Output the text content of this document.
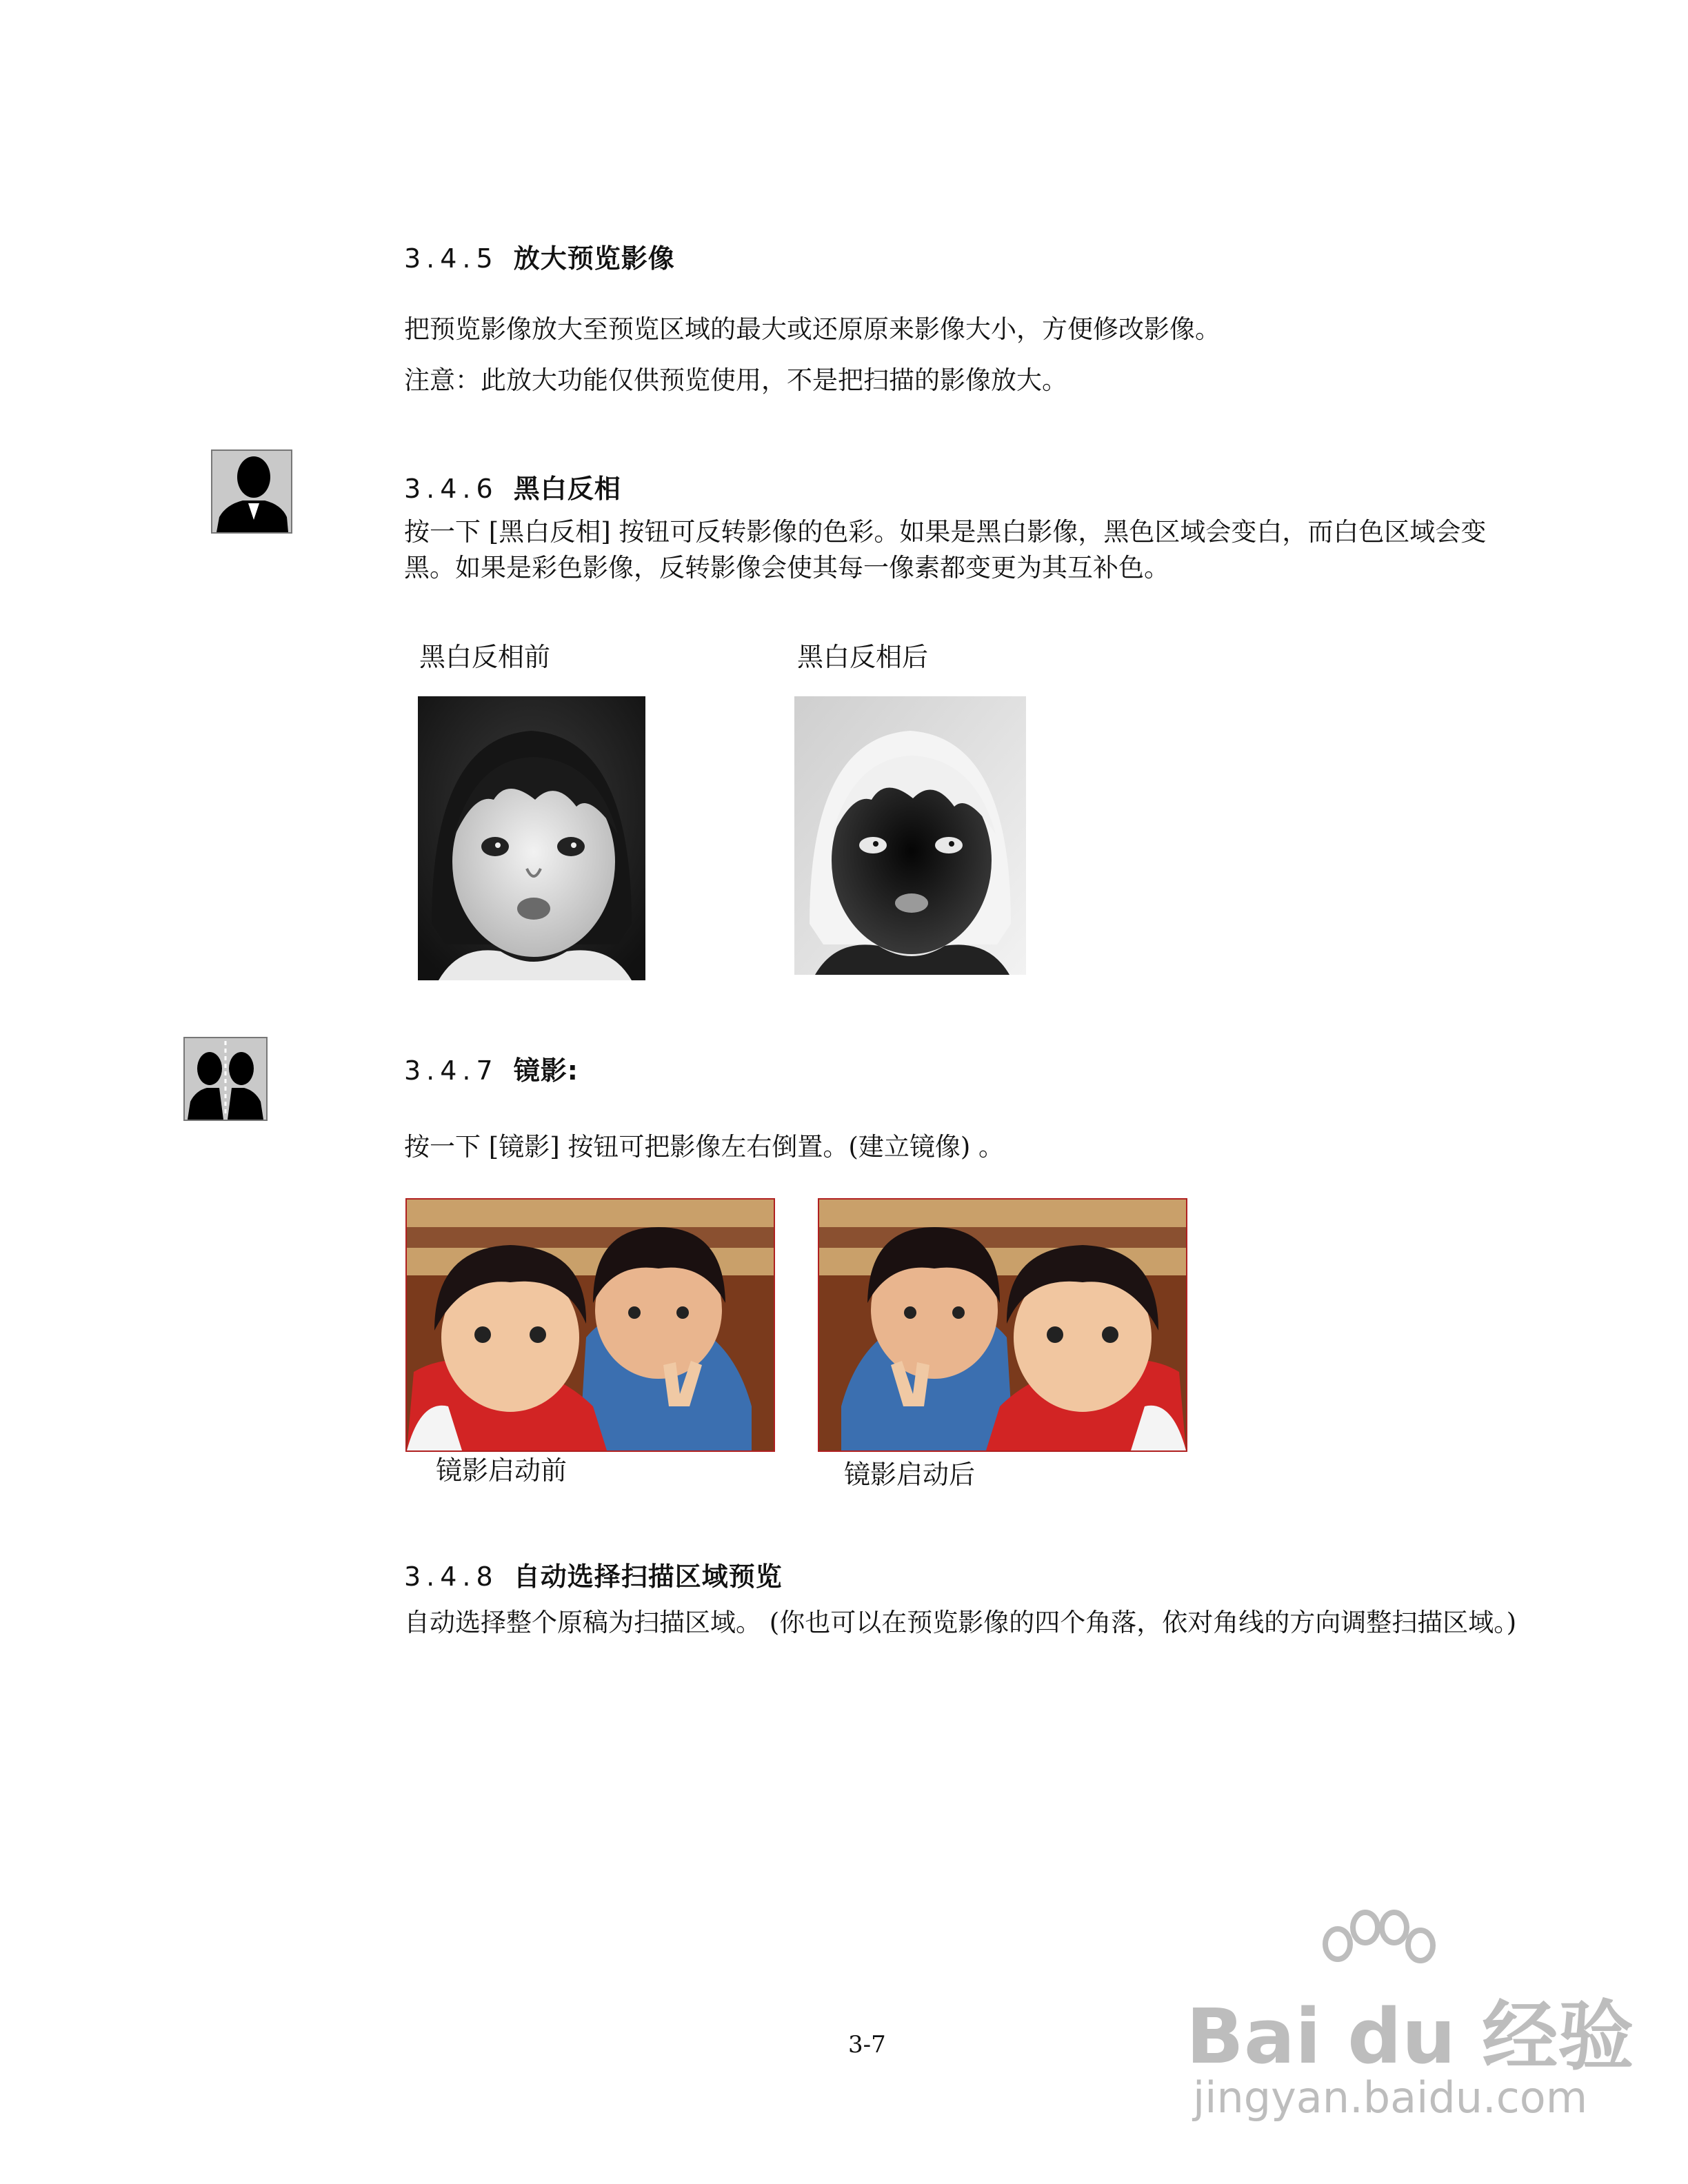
3.4.5 放大预览影像
把预览影像放大至预览区域的最大或还原原来影像大小，方便修改影像。
注意：此放大功能仅供预览使用，不是把扫描的影像放大。
3.4.6 黑白反相
按一下 [黑白反相] 按钮可反转影像的色彩。如果是黑白影像，黑色区域会变白，而白色区域会变黑。如果是彩色影像，反转影像会使其每一像素都变更为其互补色。
黑白反相前	黑白反相后
3.4.7 镜影:
按一下 [镜影] 按钮可把影像左右倒置。(建立镜像) 。
镜影启动前	镜影启动后
3.4.8 自动选择扫描区域预览
自动选择整个原稿为扫描区域。 (你也可以在预览影像的四个角落，依对角线的方向调整扫描区域。)
3-7	Bai du 经验
jingyan.baidu.com
